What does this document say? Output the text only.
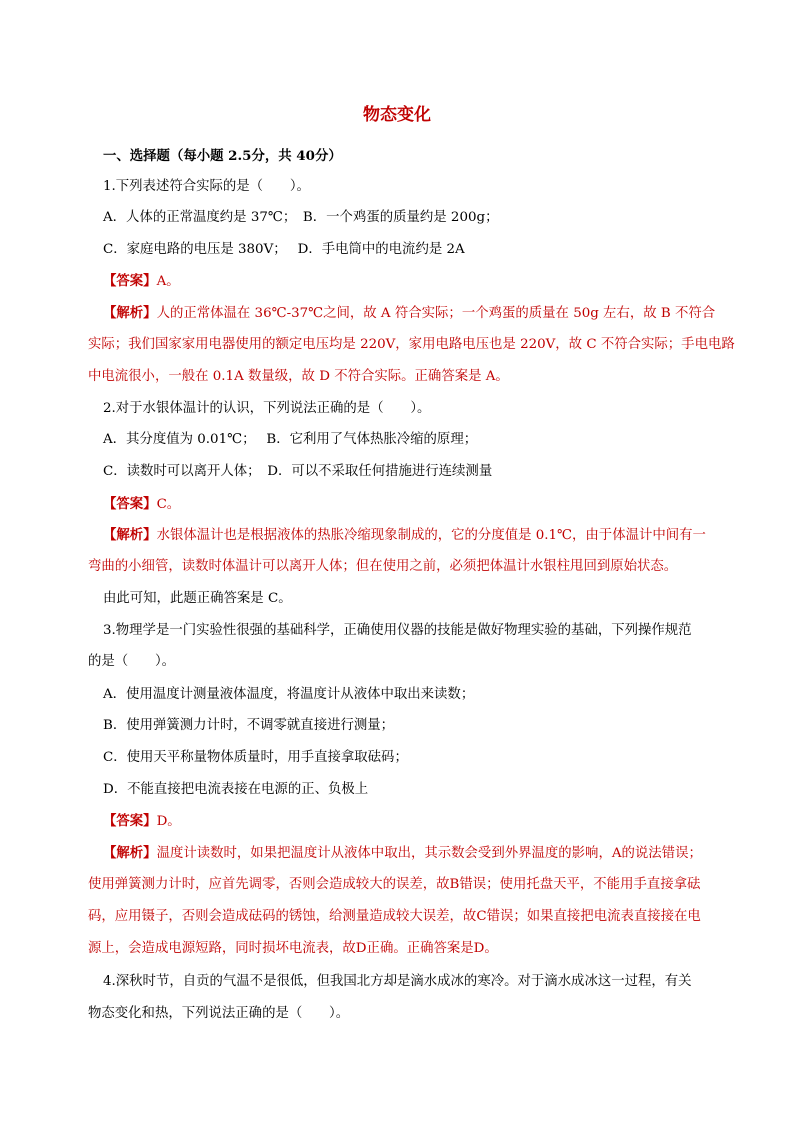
物态变化
一、选择题（每小题 2.5分，共 40分）
1.下列表述符合实际的是（　　）。
A．人体的正常温度约是 37℃；　B．一个鸡蛋的质量约是 200g；
C．家庭电路的电压是 380V；　 D．手电筒中的电流约是 2A
【答案】A。
【解析】人的正常体温在 36℃-37℃之间，故 A 符合实际；一个鸡蛋的质量在 50g 左右，故 B 不符合
实际；我们国家家用电器使用的额定电压均是 220V，家用电路电压也是 220V，故 C 不符合实际；手电电路
中电流很小，一般在 0.1A 数量级，故 D 不符合实际。正确答案是 A。
2.对于水银体温计的认识，下列说法正确的是（　　）。
A．其分度值为 0.01℃；　 B．它利用了气体热胀冷缩的原理；
C．读数时可以离开人体；　D．可以不采取任何措施进行连续测量
【答案】C。
【解析】水银体温计也是根据液体的热胀冷缩现象制成的，它的分度值是 0.1℃，由于体温计中间有一
弯曲的小细管，读数时体温计可以离开人体；但在使用之前，必须把体温计水银柱甩回到原始状态。
由此可知，此题正确答案是 C。
3.物理学是一门实验性很强的基础科学，正确使用仪器的技能是做好物理实验的基础，下列操作规范
的是（　　）。
A．使用温度计测量液体温度，将温度计从液体中取出来读数；
B．使用弹簧测力计时，不调零就直接进行测量；
C．使用天平称量物体质量时，用手直接拿取砝码；
D．不能直接把电流表接在电源的正、负极上
【答案】D。
【解析】温度计读数时，如果把温度计从液体中取出，其示数会受到外界温度的影响，A的说法错误；
使用弹簧测力计时，应首先调零，否则会造成较大的误差，故B错误；使用托盘天平，不能用手直接拿砝
码，应用镊子，否则会造成砝码的锈蚀，给测量造成较大误差，故C错误；如果直接把电流表直接接在电
源上，会造成电源短路，同时损坏电流表，故D正确。正确答案是D。
4.深秋时节，自贡的气温不是很低，但我国北方却是滴水成冰的寒冷。对于滴水成冰这一过程，有关
物态变化和热，下列说法正确的是（　　）。
